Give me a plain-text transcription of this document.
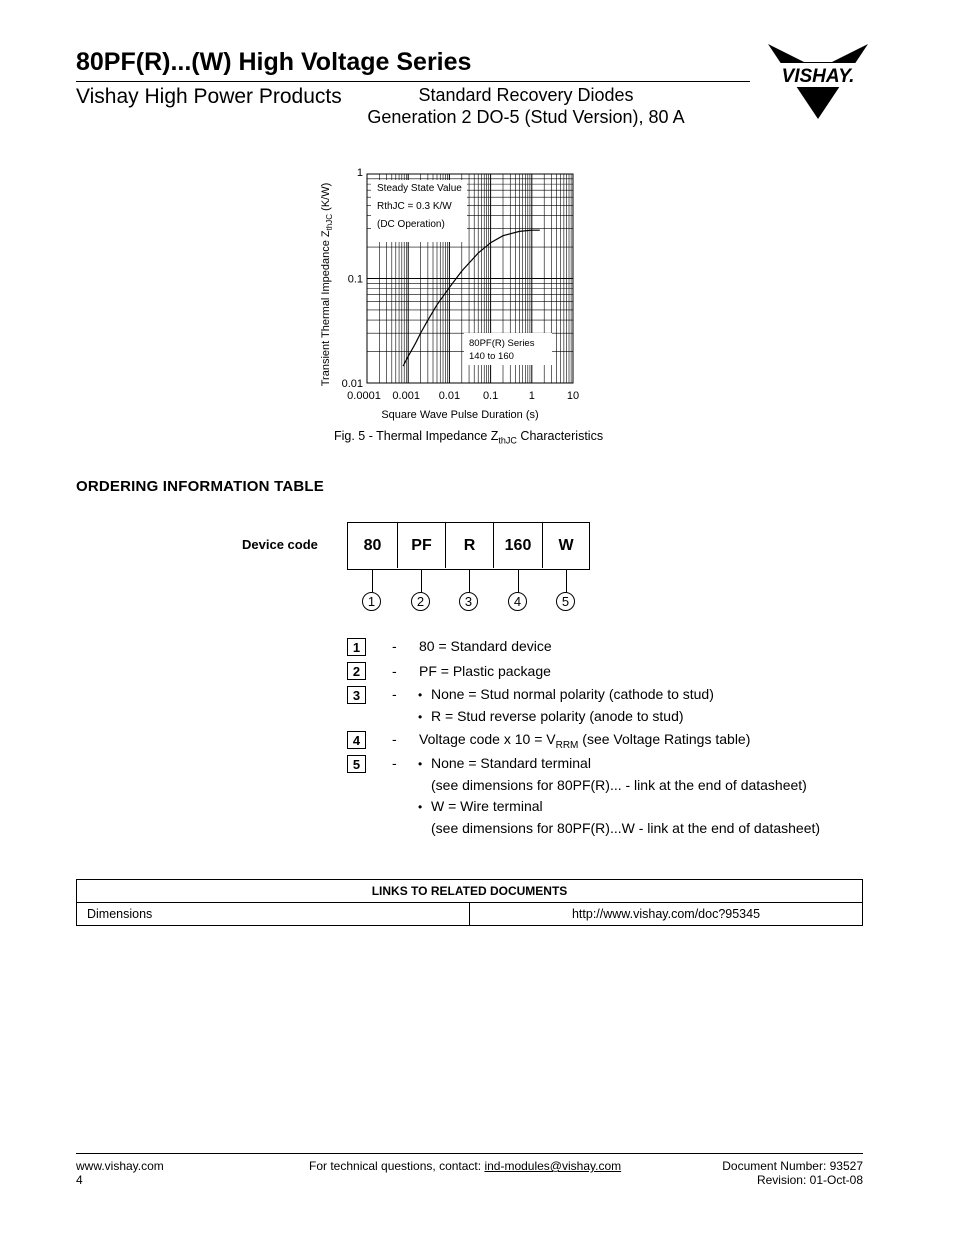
80PF(R)...(W) High Voltage Series
Vishay High Power Products	Standard Recovery Diodes
Generation 2 DO-5 (Stud Version), 80 A
VISHAY.
0.0001 0.001 0.01 0.1	1	10
0.01
0.1
1
Steady State Value
RthJC = 0.3 K/W
(DC Operation)
80PF(R) Series
140 to 160
Square Wave Pulse Duration (s)
Transient Thermal Impedance $Z_{thJC}$ (K/W)
Fig. 5 - Thermal Impedance $Z_{thJC}$ Characteristics
ORDERING INFORMATION TABLE
Device code	80	PF	R	160	W
1	2	3	4	5
1	- 80 = Standard device
2	- PF = Plastic package
3	- • None = Stud normal polarity (cathode to stud)
• R = Stud reverse polarity (anode to stud)
4	- Voltage code x $10 = V_{RRM}$ (see Voltage Ratings table)
5	- • None = Standard terminal
(see dimensions for 80PF(R)... - link at the end of datasheet)
• W = Wire terminal
(see dimensions for 80PF(R)...W - link at the end of datasheet)
LINKS TO RELATED DOCUMENTS
Dimensions	http://www.vishay.com/doc?95345
www.vishay.com
4
For technical questions, contact: ind-modules@vishay.com	Document Number: 93527
Revision: 01-Oct-08
